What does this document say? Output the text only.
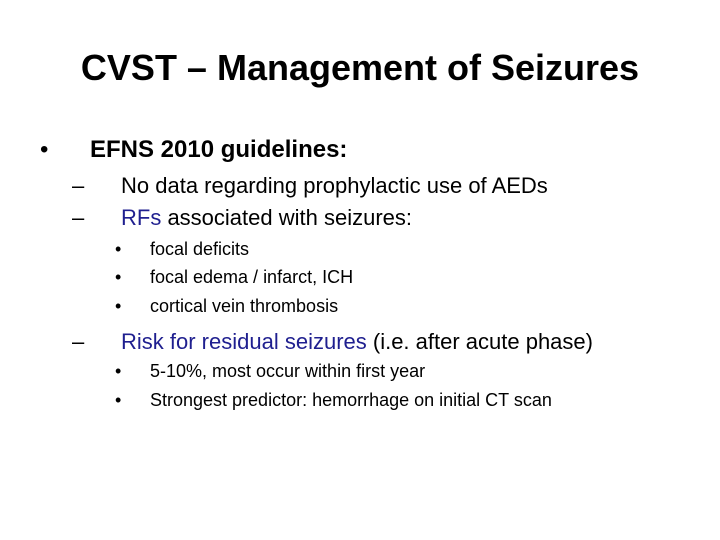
CVST – Management of Seizures
• EFNS 2010 guidelines:
– No data regarding prophylactic use of AEDs
– RFs associated with seizures:
• focal deficits
• focal edema / infarct, ICH
• cortical vein thrombosis
– Risk for residual seizures (i.e. after acute phase)
• 5-10%, most occur within first year
• Strongest predictor: hemorrhage on initial CT scan
